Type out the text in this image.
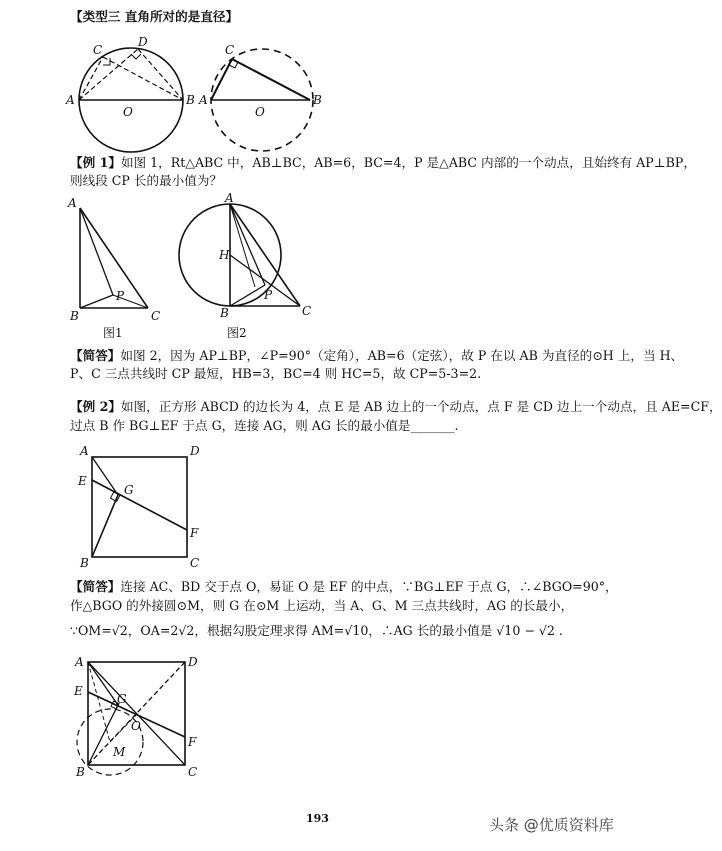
【类型三 直角所对的是直径】
A	B
C
D
O
A	B
C
O
【例 1】如图 1，Rt△ABC 中，AB⊥BC，AB=6，BC=4，P 是△ABC 内部的一个动点，且始终有 AP⊥BP，
则线段 CP 长的最小值为？
A
B	C
P
A
H
B	C
P
图1	图2
【简答】如图 2，因为 AP⊥BP，∠P=90°（定角），AB=6（定弦），故 P 在以 AB 为直径的⊙H 上，当 H、
P、C 三点共线时 CP 最短，HB=3，BC=4 则 HC=5，故 CP=5-3=2.
【例 2】如图，正方形 ABCD 的边长为 4，点 E 是 AB 边上的一个动点，点 F 是 CD 边上一个动点，且 AE=CF，
过点 B 作 BG⊥EF 于点 G，连接 AG，则 AG 长的最小值是_______.
A	D
E
G
F
B	C
【简答】连接 AC、BD 交于点 O，易证 O 是 EF 的中点，∵BG⊥EF 于点 G，∴∠BGO=90°，
作△BGO 的外接圆⊙M，则 G 在⊙M 上运动，当 A、G、M 三点共线时，AG 的长最小，
∵OM=√2，OA=2√2，根据勾股定理求得 AM=√10，∴AG 长的最小值是 √10 − √2 .
A	D
E
G
O
M
F
B	C
193	头条 @优质资料库
